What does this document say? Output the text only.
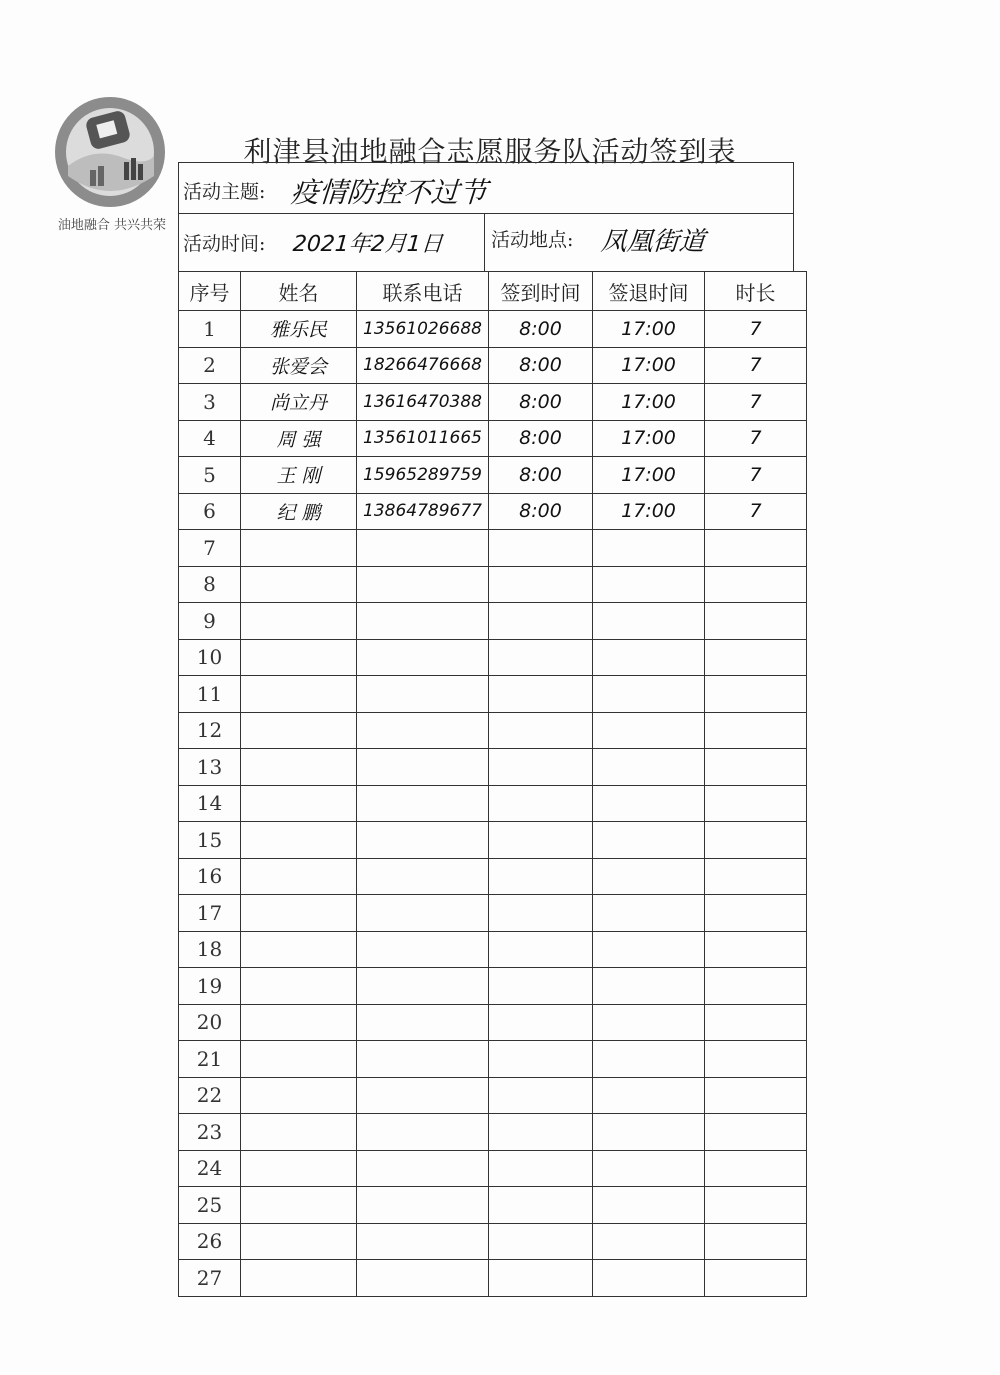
油地融合 共兴共荣
利津县油地融合志愿服务队活动签到表
活动主题: 疫情防控不过节
活动时间: 2021年2月1日 活动地点: 凤凰街道
序号	姓名	联系电话	签到时间	签退时间	时长
1	雅乐民	13561026688	8:00	17:00	7
2	张爱会	18266476668	8:00	17:00	7
3	尚立丹	13616470388	8:00	17:00	7
4	周 强	13561011665	8:00	17:00	7
5	王 刚	15965289759	8:00	17:00	7
6	纪 鹏	13864789677	8:00	17:00	7
7					
8					
9					
10					
11					
12					
13					
14					
15					
16					
17					
18					
19					
20					
21					
22					
23					
24					
25					
26					
27					
